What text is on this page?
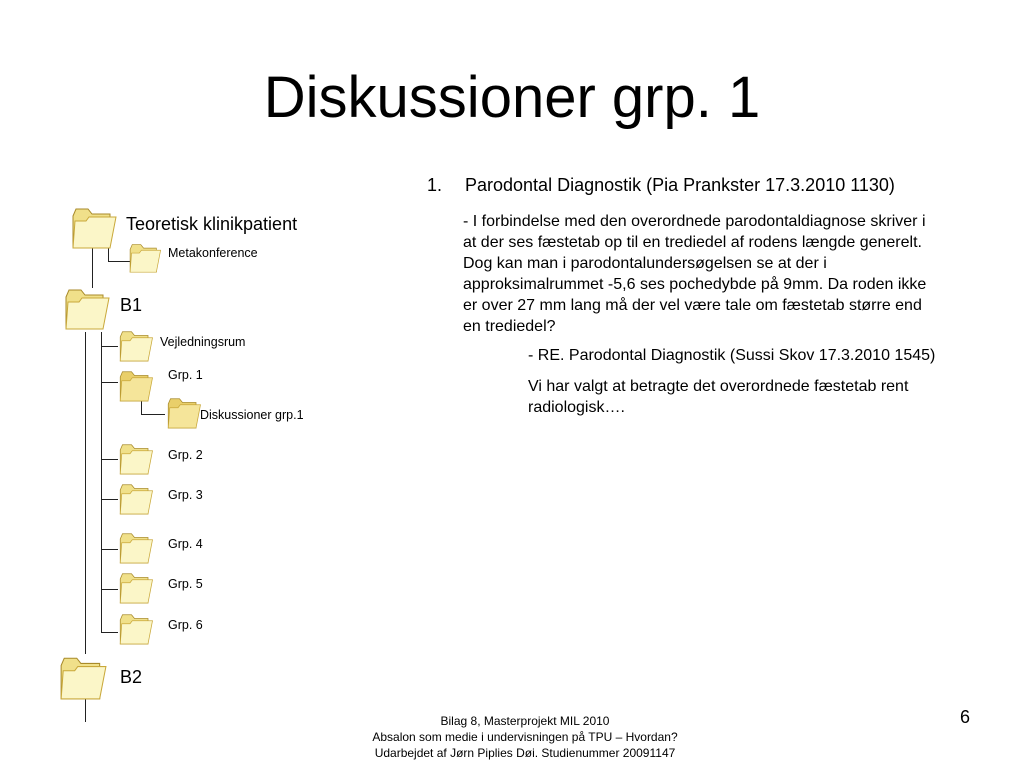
Diskussioner grp. 1
Teoretisk klinikpatient
Metakonference
B1
Vejledningsrum
Grp. 1
Diskussioner grp.1
Grp. 2
Grp. 3
Grp. 4
Grp. 5
Grp. 6
B2
1. Parodontal Diagnostik (Pia Prankster 17.3.2010 1130)
- I forbindelse med den overordnede parodontaldiagnose skriver i
at der ses fæstetab op til en trediedel af rodens længde generelt.
Dog kan man i parodontalundersøgelsen se at der i
approksimalrummet -5,6 ses pochedybde på 9mm. Da roden ikke
er over 27 mm lang må der vel være tale om fæstetab større end
en trediedel?
- RE. Parodontal Diagnostik (Sussi Skov 17.3.2010 1545)
Vi har valgt at betragte det overordnede fæstetab rent
radiologisk….
Bilag 8, Masterprojekt MIL 2010
Absalon som medie i undervisningen på TPU – Hvordan?
Udarbejdet af Jørn Piplies Døi. Studienummer 20091147
6
